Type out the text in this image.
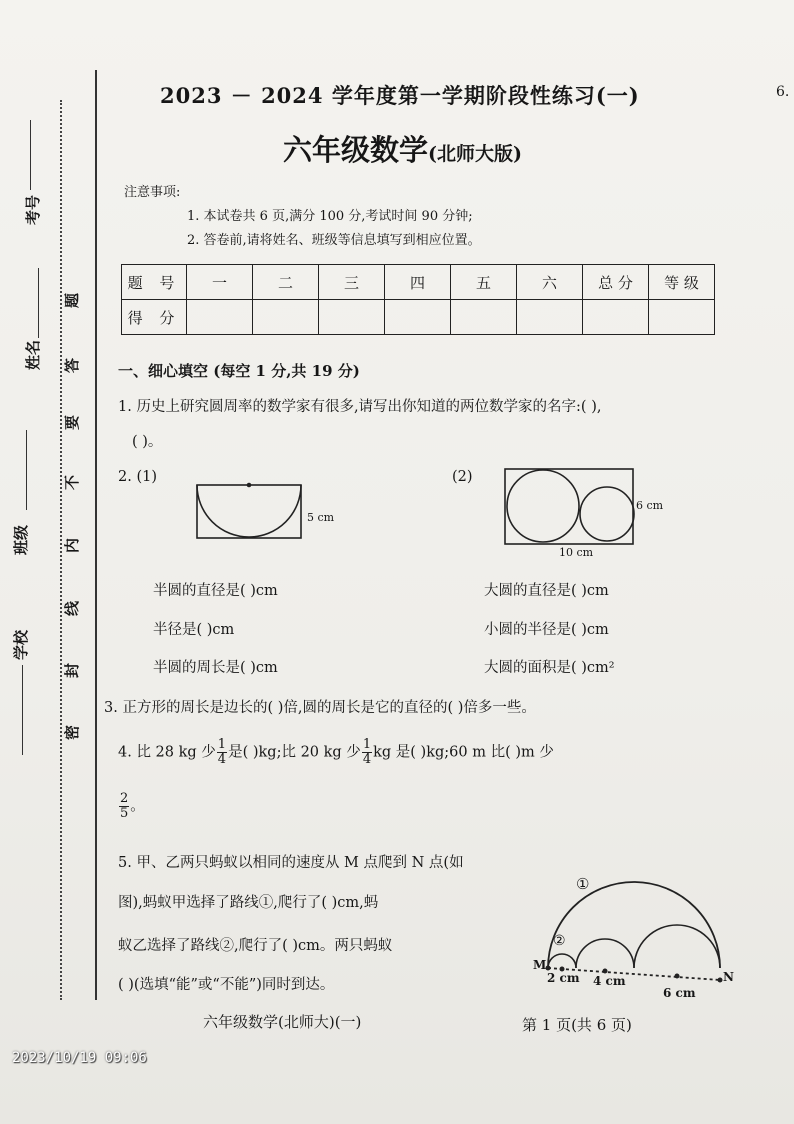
考号
姓名
班级
学校
题
答
要
不
内
线
封
密
2023 － 2024 学年度第一学期阶段性练习(一)
六年级数学(北师大版)
6.
注意事项:
1. 本试卷共 6 页,满分 100 分,考试时间 90 分钟;
2. 答卷前,请将姓名、班级等信息填写到相应位置。
题 号	一	二	三	四	五	六	总 分	等 级
得 分								
一、细心填空 (每空 1 分,共 19 分)
1. 历史上研究圆周率的数学家有很多,请写出你知道的两位数学家的名字:( ),
( )。
2. (1)	(2)
5 cm
6 cm
10 cm
半圆的直径是( )cm
半径是( )cm
半圆的周长是( )cm
大圆的直径是( )cm
小圆的半径是( )cm
大圆的面积是( )cm²
3. 正方形的周长是边长的( )倍,圆的周长是它的直径的( )倍多一些。
4. 比 28 kg 少 $\frac{1}{4}$ 是( )kg;比 20 kg 少 $\frac{1}{4}$ kg 是( )kg;60 m 比( )m 少
$\frac{2}{5}$ 。
5. 甲、乙两只蚂蚁以相同的速度从 M 点爬到 N 点(如
图),蚂蚁甲选择了路线①,爬行了( )cm,蚂
蚁乙选择了路线②,爬行了( )cm。两只蚂蚁
( )(选填“能”或“不能”)同时到达。
①
②
M
N
2 cm 4 cm
6 cm
六年级数学(北师大)(一)	第 1 页(共 6 页)
2023/10/19 09:06
